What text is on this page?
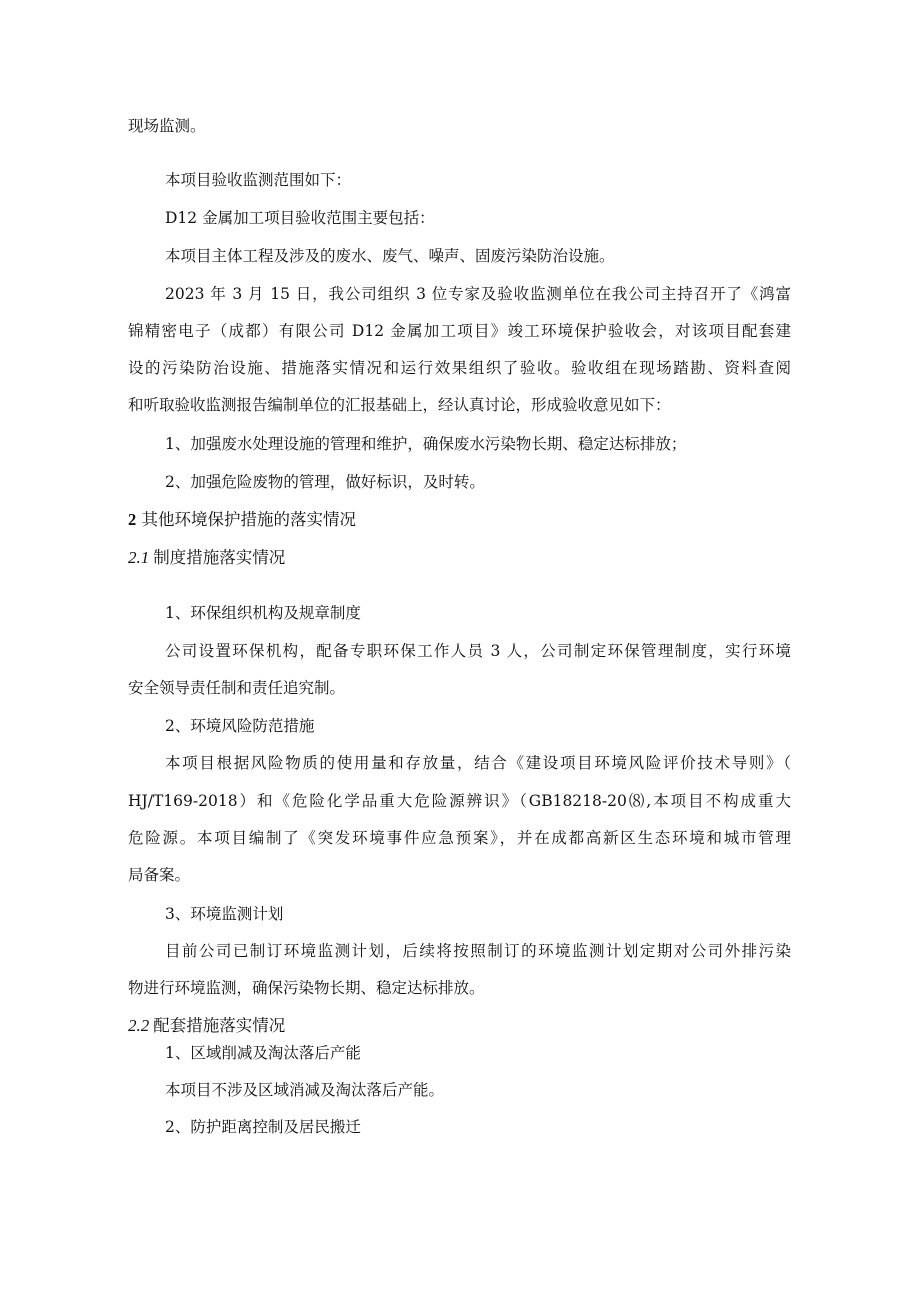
现场监测。
本项目验收监测范围如下：
D12 金属加工项目验收范围主要包括：
本项目主体工程及涉及的废水、废气、噪声、固废污染防治设施。
2023 年 3 月 15 日，我公司组织 3 位专家及验收监测单位在我公司主持召开了《鸿富
锦精密电子（成都）有限公司 D12 金属加工项目》竣工环境保护验收会，对该项目配套建
设的污染防治设施、措施落实情况和运行效果组织了验收。验收组在现场踏勘、资料查阅
和听取验收监测报告编制单位的汇报基础上，经认真讨论，形成验收意见如下：
1、加强废水处理设施的管理和维护，确保废水污染物长期、稳定达标排放；
2、加强危险废物的管理，做好标识，及时转。
2 其他环境保护措施的落实情况
2.1 制度措施落实情况
1、环保组织机构及规章制度
公司设置环保机构，配备专职环保工作人员 3 人，公司制定环保管理制度，实行环境
安全领导责任制和责任追究制。
2、环境风险防范措施
本项目根据风险物质的使用量和存放量，结合《建设项目环境风险评价技术导则》（
HJ/T169-2018）和《危险化学品重大危险源辨识》（GB18218-20⑻,本项目不构成重大
危险源。本项目编制了《突发环境事件应急预案》，并在成都高新区生态环境和城市管理
局备案。
3、环境监测计划
目前公司已制订环境监测计划，后续将按照制订的环境监测计划定期对公司外排污染
物进行环境监测，确保污染物长期、稳定达标排放。
2.2 配套措施落实情况
1、区域削减及淘汰落后产能
本项目不涉及区域消减及淘汰落后产能。
2、防护距离控制及居民搬迁
